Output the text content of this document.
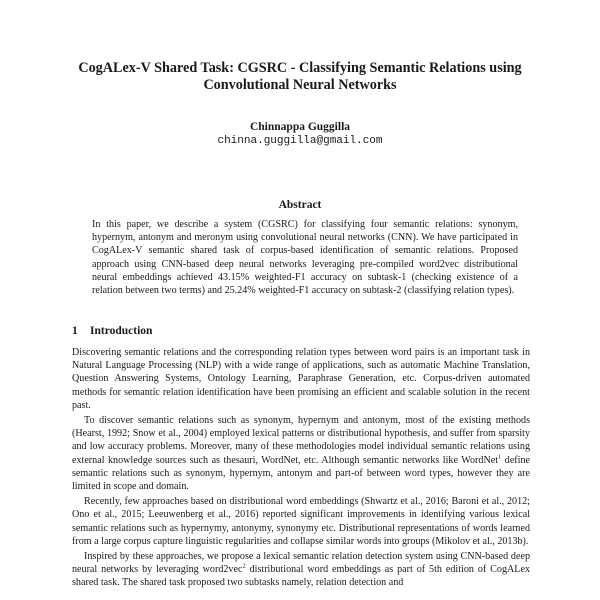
CogALex-V Shared Task: CGSRC - Classifying Semantic Relations using Convolutional Neural Networks
Chinnappa Guggilla
chinna.guggilla@gmail.com
Abstract
In this paper, we describe a system (CGSRC) for classifying four semantic relations: synonym, hypernym, antonym and meronym using convolutional neural networks (CNN). We have participated in CogALex-V semantic shared task of corpus-based identification of semantic relations. Proposed approach using CNN-based deep neural networks leveraging pre-compiled word2vec distributional neural embeddings achieved 43.15% weighted-F1 accuracy on subtask-1 (checking existence of a relation between two terms) and 25.24% weighted-F1 accuracy on subtask-2 (classifying relation types).
1 Introduction

Discovering semantic relations and the corresponding relation types between word pairs is an important task in Natural Language Processing (NLP) with a wide range of applications, such as automatic Machine Translation, Question Answering Systems, Ontology Learning, Paraphrase Generation, etc. Corpus-driven automated methods for semantic relation identification have been promising an efficient and scalable solution in the recent past.

To discover semantic relations such as synonym, hypernym and antonym, most of the existing methods (Hearst, 1992; Snow et al., 2004) employed lexical patterns or distributional hypothesis, and suffer from sparsity and low accuracy problems. Moreover, many of these methodologies model individual semantic relations using external knowledge sources such as thesauri, WordNet, etc. Although semantic networks like WordNet$^1$ define semantic relations such as synonym, hypernym, antonym and part-of between word types, however they are limited in scope and domain.

Recently, few approaches based on distributional word embeddings (Shwartz et al., 2016; Baroni et al., 2012; Ono et al., 2015; Leeuwenberg et al., 2016) reported significant improvements in identifying various lexical semantic relations such as hypernymy, antonymy, synonymy etc. Distributional representations of words learned from a large corpus capture linguistic regularities and collapse similar words into groups (Mikolov et al., 2013b).

Inspired by these approaches, we propose a lexical semantic relation detection system using CNN-based deep neural networks by leveraging word2vec$^2$ distributional word embeddings as part of 5th edition of CogALex shared task. The shared task proposed two subtasks namely, relation detection and
